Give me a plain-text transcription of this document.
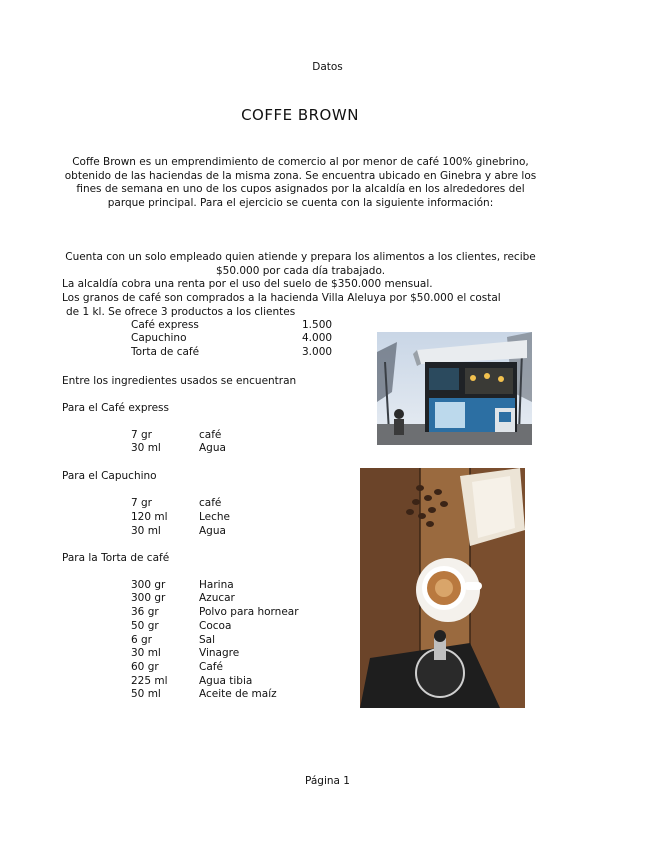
Datos
COFFE BROWN
Coffe Brown es un emprendimiento de comercio al por menor de café 100% ginebrino, obtenido de las haciendas de la misma zona. Se encuentra ubicado en Ginebra y abre los fines de semana en uno de los cupos asignados por la alcaldía en los alrededores del parque principal. Para el ejercicio se cuenta con la siguiente información:
Cuenta con un solo empleado quien atiende y prepara los alimentos a los clientes, recibe $50.000 por cada día trabajado.
La alcaldía cobra una renta por el uso del suelo de $350.000 mensual.
Los granos de café son comprados a la hacienda Villa Aleluya por $50.000 el costal
de 1 kl. Se ofrece 3 productos a los clientes
Café express	1.500
Capuchino	4.000
Torta de café	3.000
Entre los ingredientes usados se encuentran
Para el Café express
7 gr	café
30 ml	Agua
Para el Capuchino
7 gr	café
120 ml	Leche
30 ml	Agua
Para la Torta de café
300 gr	Harina
300 gr	Azucar
36 gr	Polvo para hornear
50 gr	Cocoa
6 gr	Sal
30 ml	Vinagre
60 gr	Café
225 ml	Agua tibia
50 ml	Aceite de maíz
Página 1
